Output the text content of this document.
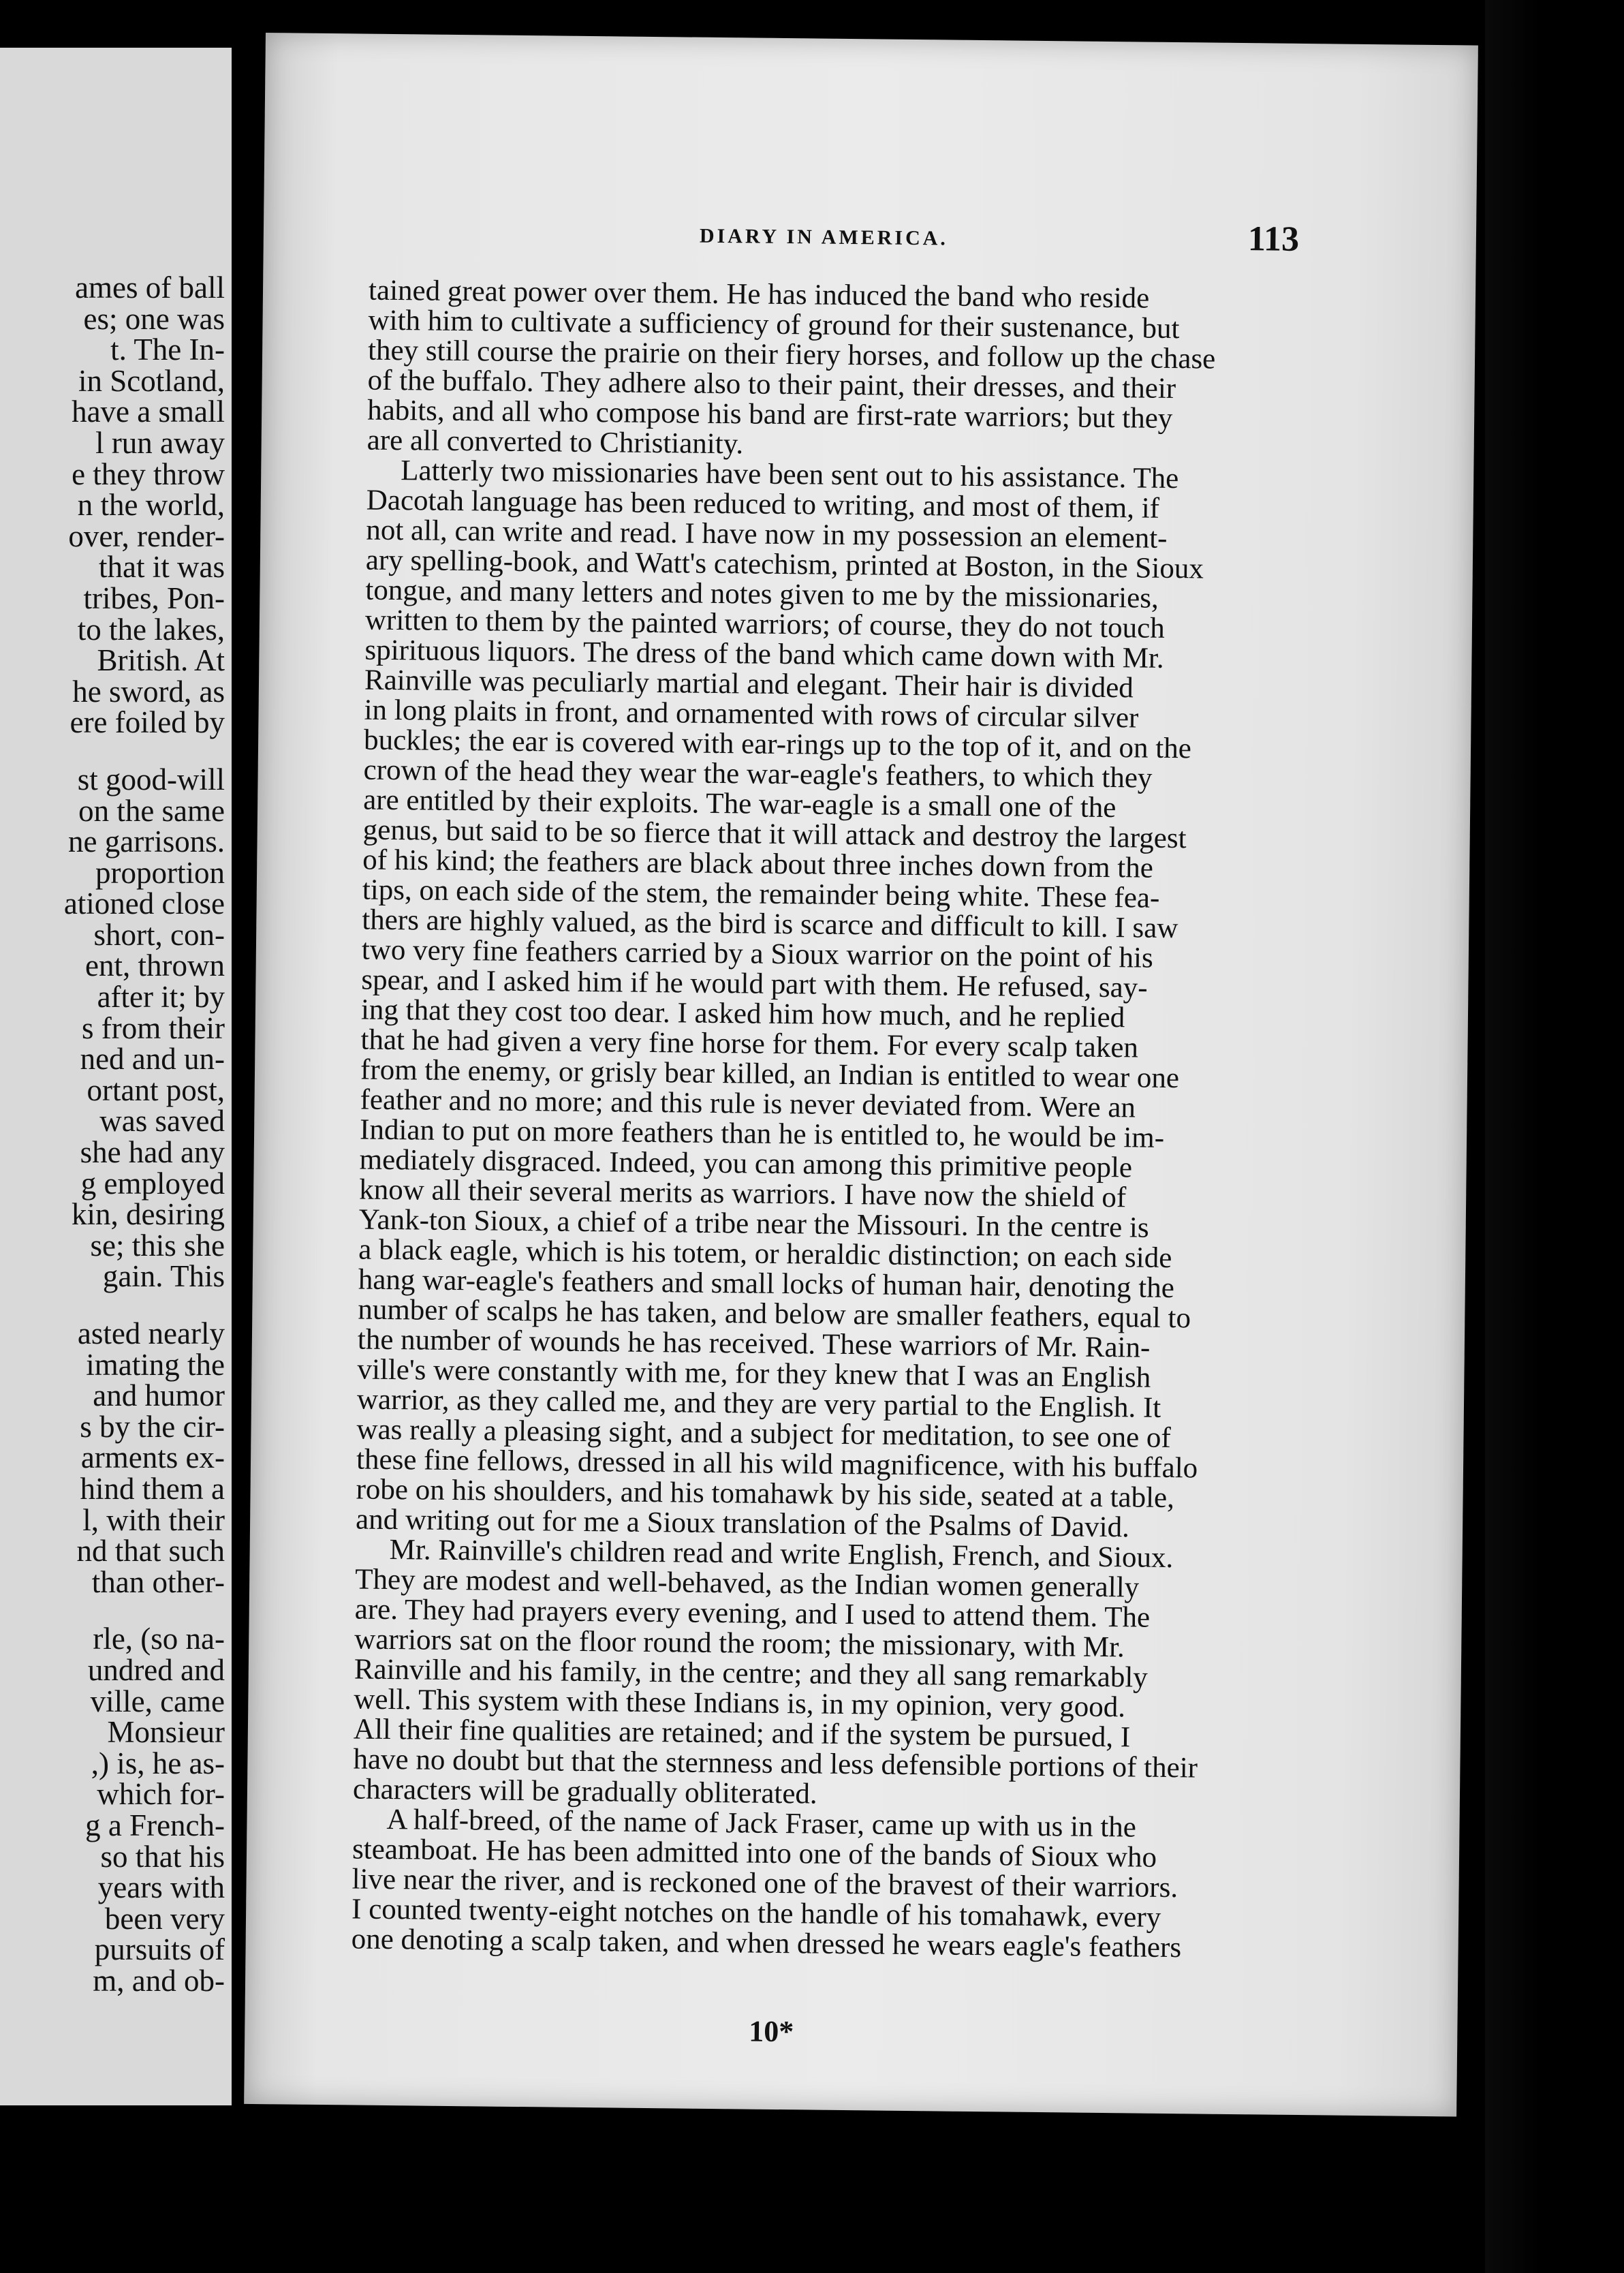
ames of ball
es; one was
t. The In-
in Scotland,
have a small
l run away
e they throw
n the world,
over, render-
that it was
tribes, Pon-
to the lakes,
British. At
he sword, as
ere foiled by
st good-will
on the same
ne garrisons.
proportion
ationed close
short, con-
ent, thrown
after it; by
s from their
ned and un-
ortant post,
was saved
she had any
g employed
kin, desiring
se; this she
gain. This
asted nearly
imating the
and humor
s by the cir-
arments ex-
hind them a
l, with their
nd that such
than other-
rle, (so na-
undred and
ville, came
Monsieur
,) is, he as-
which for-
g a French-
so that his
years with
been very
pursuits of
m, and ob-
DIARY IN AMERICA.	113
tained great power over them. He has induced the band who reside
with him to cultivate a sufficiency of ground for their sustenance, but
they still course the prairie on their fiery horses, and follow up the chase
of the buffalo. They adhere also to their paint, their dresses, and their
habits, and all who compose his band are first-rate warriors; but they
are all converted to Christianity.
Latterly two missionaries have been sent out to his assistance. The
Dacotah language has been reduced to writing, and most of them, if
not all, can write and read. I have now in my possession an element-
ary spelling-book, and Watt's catechism, printed at Boston, in the Sioux
tongue, and many letters and notes given to me by the missionaries,
written to them by the painted warriors; of course, they do not touch
spirituous liquors. The dress of the band which came down with Mr.
Rainville was peculiarly martial and elegant. Their hair is divided
in long plaits in front, and ornamented with rows of circular silver
buckles; the ear is covered with ear-rings up to the top of it, and on the
crown of the head they wear the war-eagle's feathers, to which they
are entitled by their exploits. The war-eagle is a small one of the
genus, but said to be so fierce that it will attack and destroy the largest
of his kind; the feathers are black about three inches down from the
tips, on each side of the stem, the remainder being white. These fea-
thers are highly valued, as the bird is scarce and difficult to kill. I saw
two very fine feathers carried by a Sioux warrior on the point of his
spear, and I asked him if he would part with them. He refused, say-
ing that they cost too dear. I asked him how much, and he replied
that he had given a very fine horse for them. For every scalp taken
from the enemy, or grisly bear killed, an Indian is entitled to wear one
feather and no more; and this rule is never deviated from. Were an
Indian to put on more feathers than he is entitled to, he would be im-
mediately disgraced. Indeed, you can among this primitive people
know all their several merits as warriors. I have now the shield of
Yank-ton Sioux, a chief of a tribe near the Missouri. In the centre is
a black eagle, which is his totem, or heraldic distinction; on each side
hang war-eagle's feathers and small locks of human hair, denoting the
number of scalps he has taken, and below are smaller feathers, equal to
the number of wounds he has received. These warriors of Mr. Rain-
ville's were constantly with me, for they knew that I was an English
warrior, as they called me, and they are very partial to the English. It
was really a pleasing sight, and a subject for meditation, to see one of
these fine fellows, dressed in all his wild magnificence, with his buffalo
robe on his shoulders, and his tomahawk by his side, seated at a table,
and writing out for me a Sioux translation of the Psalms of David.
Mr. Rainville's children read and write English, French, and Sioux.
They are modest and well-behaved, as the Indian women generally
are. They had prayers every evening, and I used to attend them. The
warriors sat on the floor round the room; the missionary, with Mr.
Rainville and his family, in the centre; and they all sang remarkably
well. This system with these Indians is, in my opinion, very good.
All their fine qualities are retained; and if the system be pursued, I
have no doubt but that the sternness and less defensible portions of their
characters will be gradually obliterated.
A half-breed, of the name of Jack Fraser, came up with us in the
steamboat. He has been admitted into one of the bands of Sioux who
live near the river, and is reckoned one of the bravest of their warriors.
I counted twenty-eight notches on the handle of his tomahawk, every
one denoting a scalp taken, and when dressed he wears eagle's feathers
10*
